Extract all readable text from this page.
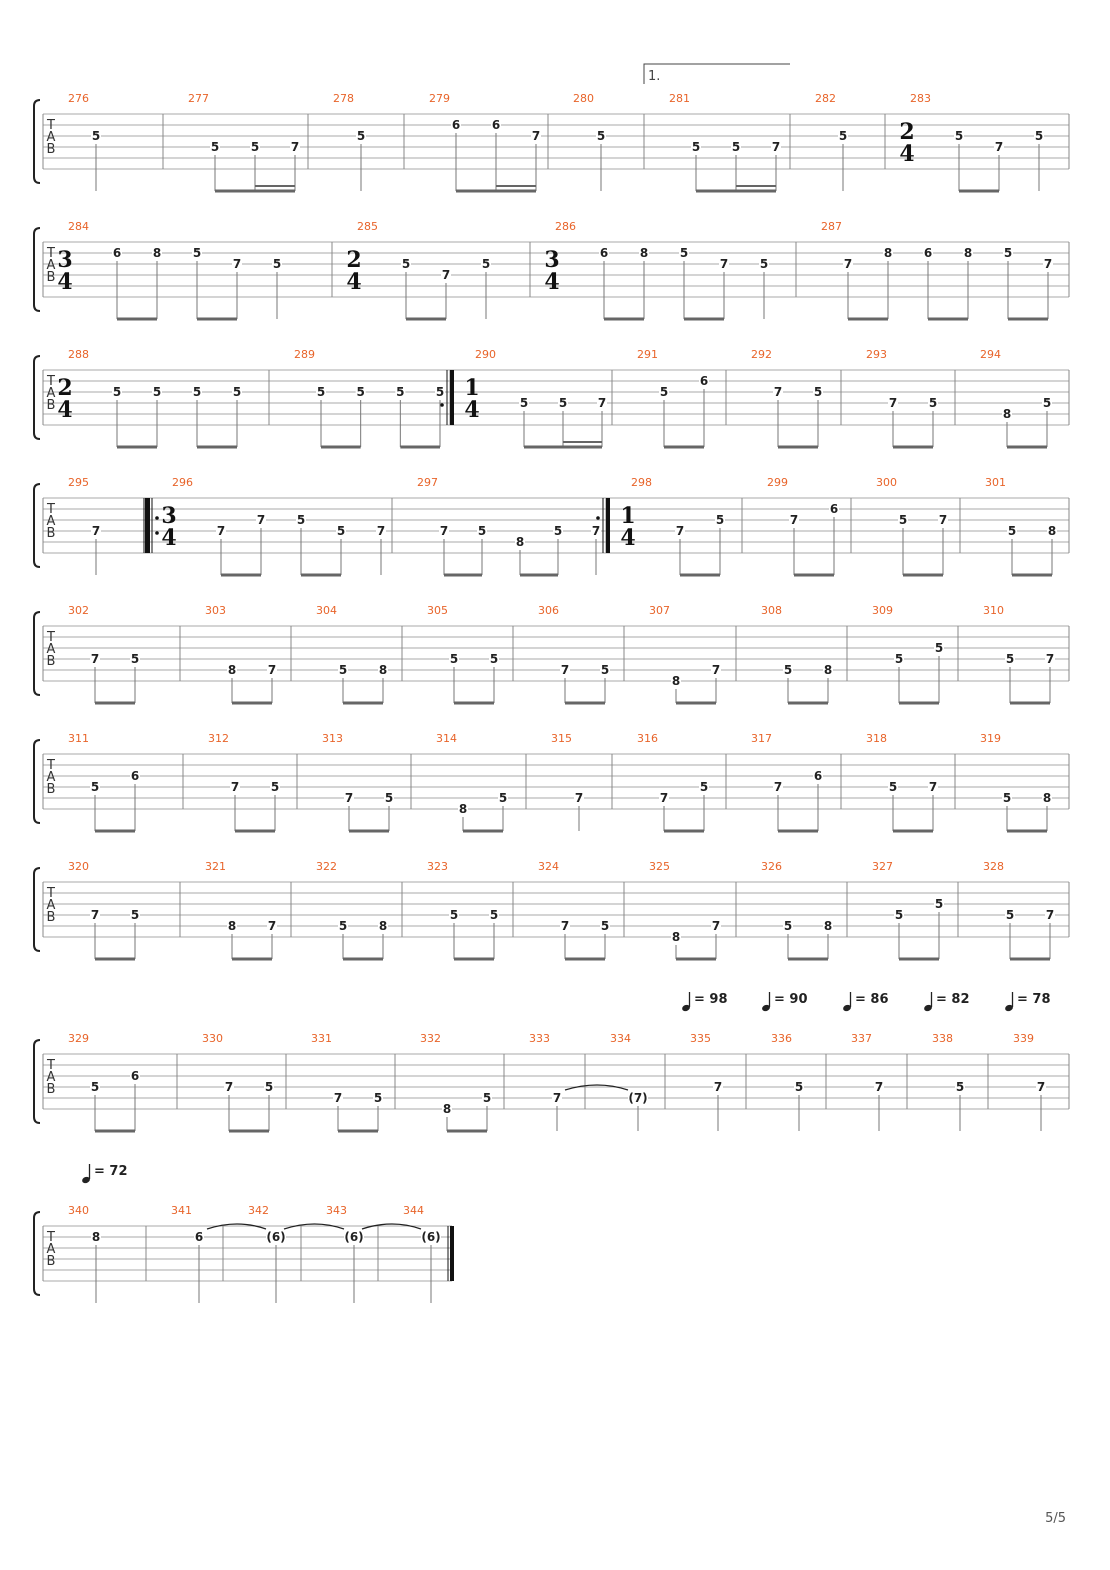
T
A
B
276
5
277
5	5	7
278
5
279
6	6
7
280
5
281
1.
5	5	7
282
5
283
2
4
5
7
5
T
A
B
284
3
4
6	8	5
7	5
285
2
4
5
7
5
286
3
4
6	8	5
7	5
287
7
8	6	8	5
7
T
A
B
288
2
4
5	5	5	5
289
5	5	5	5
290
1
4	5	5	7
291
5
6
292
7	5
293
7	5
294
8
5
T
A
B
295
7
296
3
4	7
7	5
5	7
297
7 5
8
5 7
298
1
4	7
5
299
7
6
300
5	7
301
5	8
T
A
B
302
7	5
303
8	7
304
5	8
305
5	5
306
7	5
307
8
7
308
5	8
309
5
5
310
5	7
T
A
B
311
5
6
312
7	5
313
7	5
314
8
5
315
7
316
7
5
317
7
6
318
5	7
319
5	8
T
A
B
320
7	5
321
8	7
322
5	8
323
5	5
324
7	5
325
8
7
326
5	8
327
5
5
328
5	7
T
A
B
329
5
6
330
7	5
331
7	5
332
8
5
333
7
334
(7)
335
7
= 98
336
5
= 90
337
7
= 86
338
5
= 82
339
7
= 78
T
A
B
340
8
= 72
341
6
342
(6)
343
(6)
344
(6)
5/5
